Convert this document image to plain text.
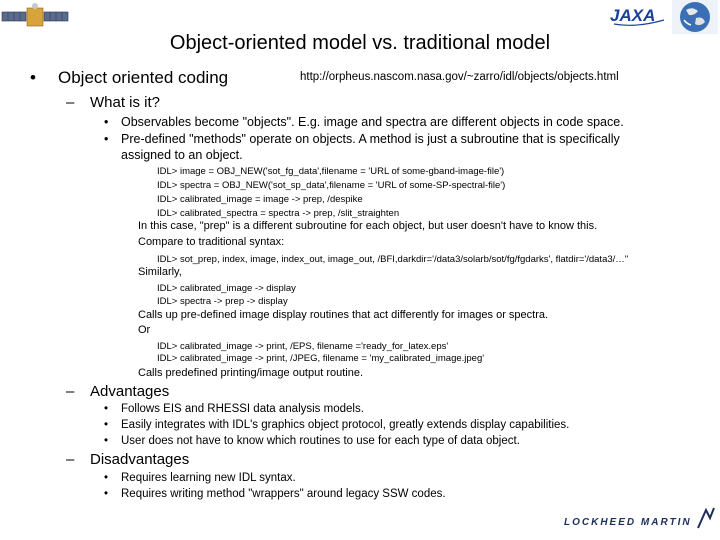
JAXA
Object-oriented model vs. traditional model
• Object oriented coding	http://orpheus.nascom.nasa.gov/~zarro/idl/objects/objects.html
– What is it?
• Observables become "objects". E.g. image and spectra are different objects in code space.
• Pre-defined "methods" operate on objects. A method is just a subroutine that is specifically
assigned to an object.
IDL> image = OBJ_NEW('sot_fg_data',filename = 'URL of some-gband-image-file')
IDL> spectra = OBJ_NEW('sot_sp_data',filename = 'URL of some-SP-spectral-file')
IDL> calibrated_image = image -> prep, /despike
IDL> calibrated_spectra = spectra -> prep, /slit_straighten
In this case, "prep" is a different subroutine for each object, but user doesn't have to know this.
Compare to traditional syntax:
IDL> sot_prep, index, image, index_out, image_out, /BFI,darkdir='/data3/solarb/sot/fg/fgdarks', flatdir='/data3/…"
Similarly,
IDL> calibrated_image -> display
IDL> spectra -> prep -> display
Calls up pre-defined image display routines that act differently for images or spectra.
Or
IDL> calibrated_image -> print, /EPS, filename ='ready_for_latex.eps'
IDL> calibrated_image -> print, /JPEG, filename = 'my_calibrated_image.jpeg'
Calls predefined printing/image output routine.
– Advantages
• Follows EIS and RHESSI data analysis models.
• Easily integrates with IDL's graphics object protocol, greatly extends display capabilities.
• User does not have to know which routines to use for each type of data object.
– Disadvantages
• Requires learning new IDL syntax.
• Requires writing method "wrappers" around legacy SSW codes.
LOCKHEED MARTIN
